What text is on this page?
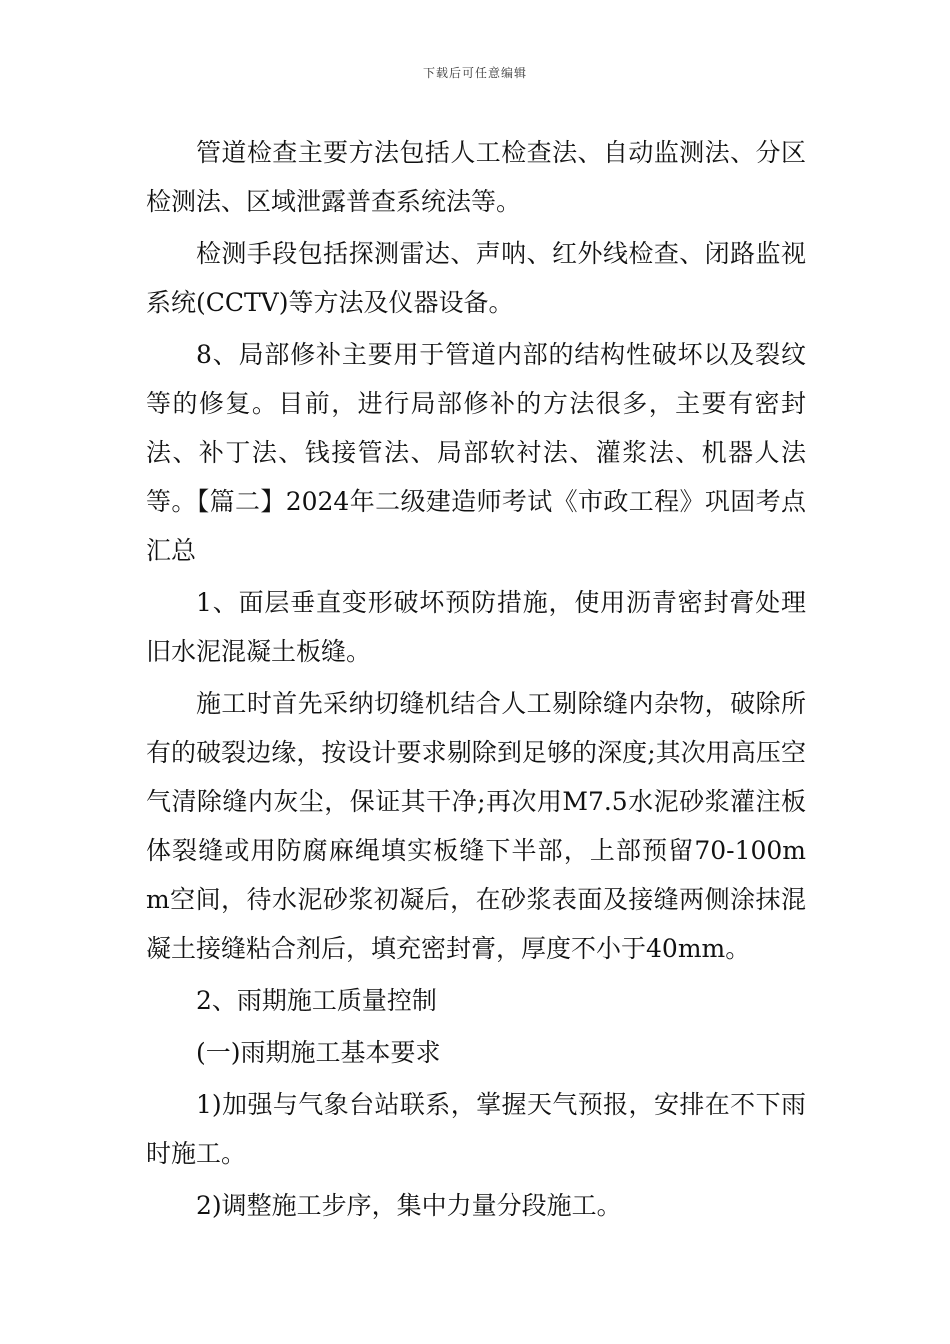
下载后可任意编辑

管道检查主要方法包括人工检查法、自动监测法、分区检测法、区域泄露普查系统法等。

检测手段包括探测雷达、声呐、红外线检查、闭路监视系统(CCTV)等方法及仪器设备。

8、局部修补主要用于管道内部的结构性破坏以及裂纹等的修复。目前，进行局部修补的方法很多，主要有密封法、补丁法、钱接管法、局部软衬法、灌浆法、机器人法等。【篇二】2024年二级建造师考试《市政工程》巩固考点汇总

1、面层垂直变形破坏预防措施，使用沥青密封膏处理旧水泥混凝土板缝。

施工时首先采纳切缝机结合人工剔除缝内杂物，破除所有的破裂边缘，按设计要求剔除到足够的深度;其次用高压空气清除缝内灰尘，保证其干净;再次用M7.5水泥砂浆灌注板体裂缝或用防腐麻绳填实板缝下半部，上部预留70-100mm空间，待水泥砂浆初凝后，在砂浆表面及接缝两侧涂抹混凝土接缝粘合剂后，填充密封膏，厚度不小于40mm。

2、雨期施工质量控制

(一)雨期施工基本要求

1)加强与气象台站联系，掌握天气预报，安排在不下雨时施工。

2)调整施工步序，集中力量分段施工。
